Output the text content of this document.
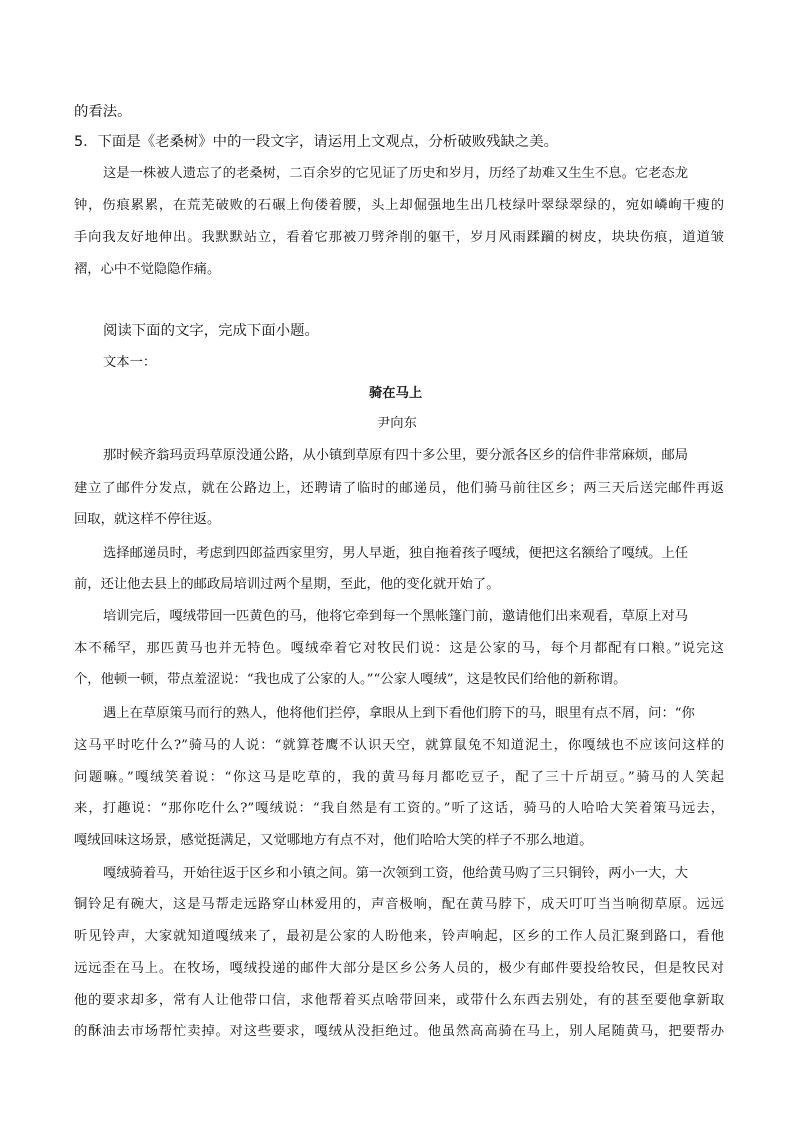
的看法。
5．下面是《老桑树》中的一段文字，请运用上文观点，分析破败残缺之美。
这是一株被人遗忘了的老桑树，二百余岁的它见证了历史和岁月，历经了劫难又生生不息。它老态龙
钟，伤痕累累，在荒芜破败的石碾上佝偻着腰，头上却倔强地生出几枝绿叶翠绿翠绿的，宛如嶙峋干瘦的
手向我友好地伸出。我默默站立，看着它那被刀劈斧削的躯干，岁月风雨蹂躏的树皮，块块伤痕，道道皱
褶，心中不觉隐隐作痛。
阅读下面的文字，完成下面小题。
文本一：
骑在马上
尹向东
那时候齐翁玛贡玛草原没通公路，从小镇到草原有四十多公里，要分派各区乡的信件非常麻烦，邮局
建立了邮件分发点，就在公路边上，还聘请了临时的邮递员，他们骑马前往区乡；两三天后送完邮件再返
回取，就这样不停往返。
选择邮递员时，考虑到四郎益西家里穷，男人早逝，独自拖着孩子嘎绒，便把这名额给了嘎绒。上任
前，还让他去县上的邮政局培训过两个星期，至此，他的变化就开始了。
培训完后，嘎绒带回一匹黄色的马，他将它牵到每一个黑帐篷门前，邀请他们出来观看，草原上对马
本不稀罕，那匹黄马也并无特色。嘎绒牵着它对牧民们说：这是公家的马，每个月都配有口粮。”说完这
个，他顿一顿，带点羞涩说：“我也成了公家的人。”“公家人嘎绒”，这是牧民们给他的新称谓。
遇上在草原策马而行的熟人，他将他们拦停，拿眼从上到下看他们胯下的马，眼里有点不屑，问：“你
这马平时吃什么?”骑马的人说：“就算苍鹰不认识天空，就算鼠兔不知道泥土，你嘎绒也不应该问这样的
问题嘛。”嘎绒笑着说：“你这马是吃草的，我的黄马每月都吃豆子，配了三十斤胡豆。”骑马的人笑起
来，打趣说：“那你吃什么?”嘎绒说：“我自然是有工资的。”听了这话，骑马的人哈哈大笑着策马远去，
嘎绒回味这场景，感觉挺满足，又觉哪地方有点不对，他们哈哈大笑的样子不那么地道。
嘎绒骑着马，开始往返于区乡和小镇之间。第一次领到工资，他给黄马购了三只铜铃，两小一大，大
铜铃足有碗大，这是马帮走远路穿山林爱用的，声音极响，配在黄马脖下，成天叮叮当当响彻草原。远远
听见铃声，大家就知道嘎绒来了，最初是公家的人盼他来，铃声响起，区乡的工作人员汇聚到路口，看他
远远歪在马上。在牧场，嘎绒投递的邮件大部分是区乡公务人员的，极少有邮件要投给牧民，但是牧民对
他的要求却多，常有人让他带口信，求他帮着买点啥带回来，或带什么东西去别处，有的甚至要他拿新取
的酥油去市场帮忙卖掉。对这些要求，嘎绒从没拒绝过。他虽然高高骑在马上，别人尾随黄马，把要帮办
